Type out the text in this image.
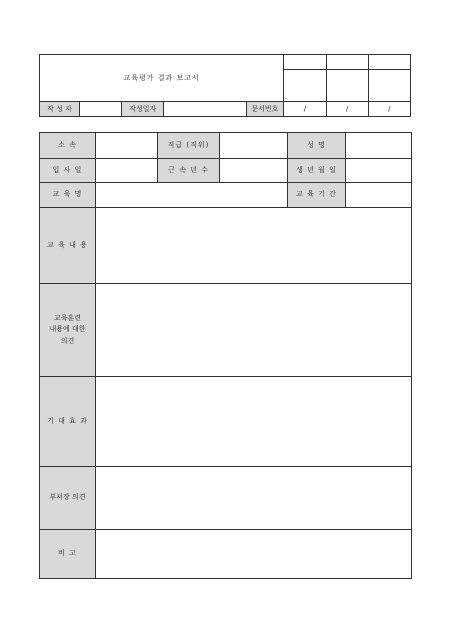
교육평가 결과 보고서							

작 성 자		작성일자		문서번호	/	/	/
소 속		직급 (직위)		성 명	
입 사 일		근 속 년 수		생 년 월 일	
교 육 명				교 육 기 간	
교 육 내 용					

교육훈련
내용에 대한
의견					

기 대 효 과					
부서장 의견					
비 고					
